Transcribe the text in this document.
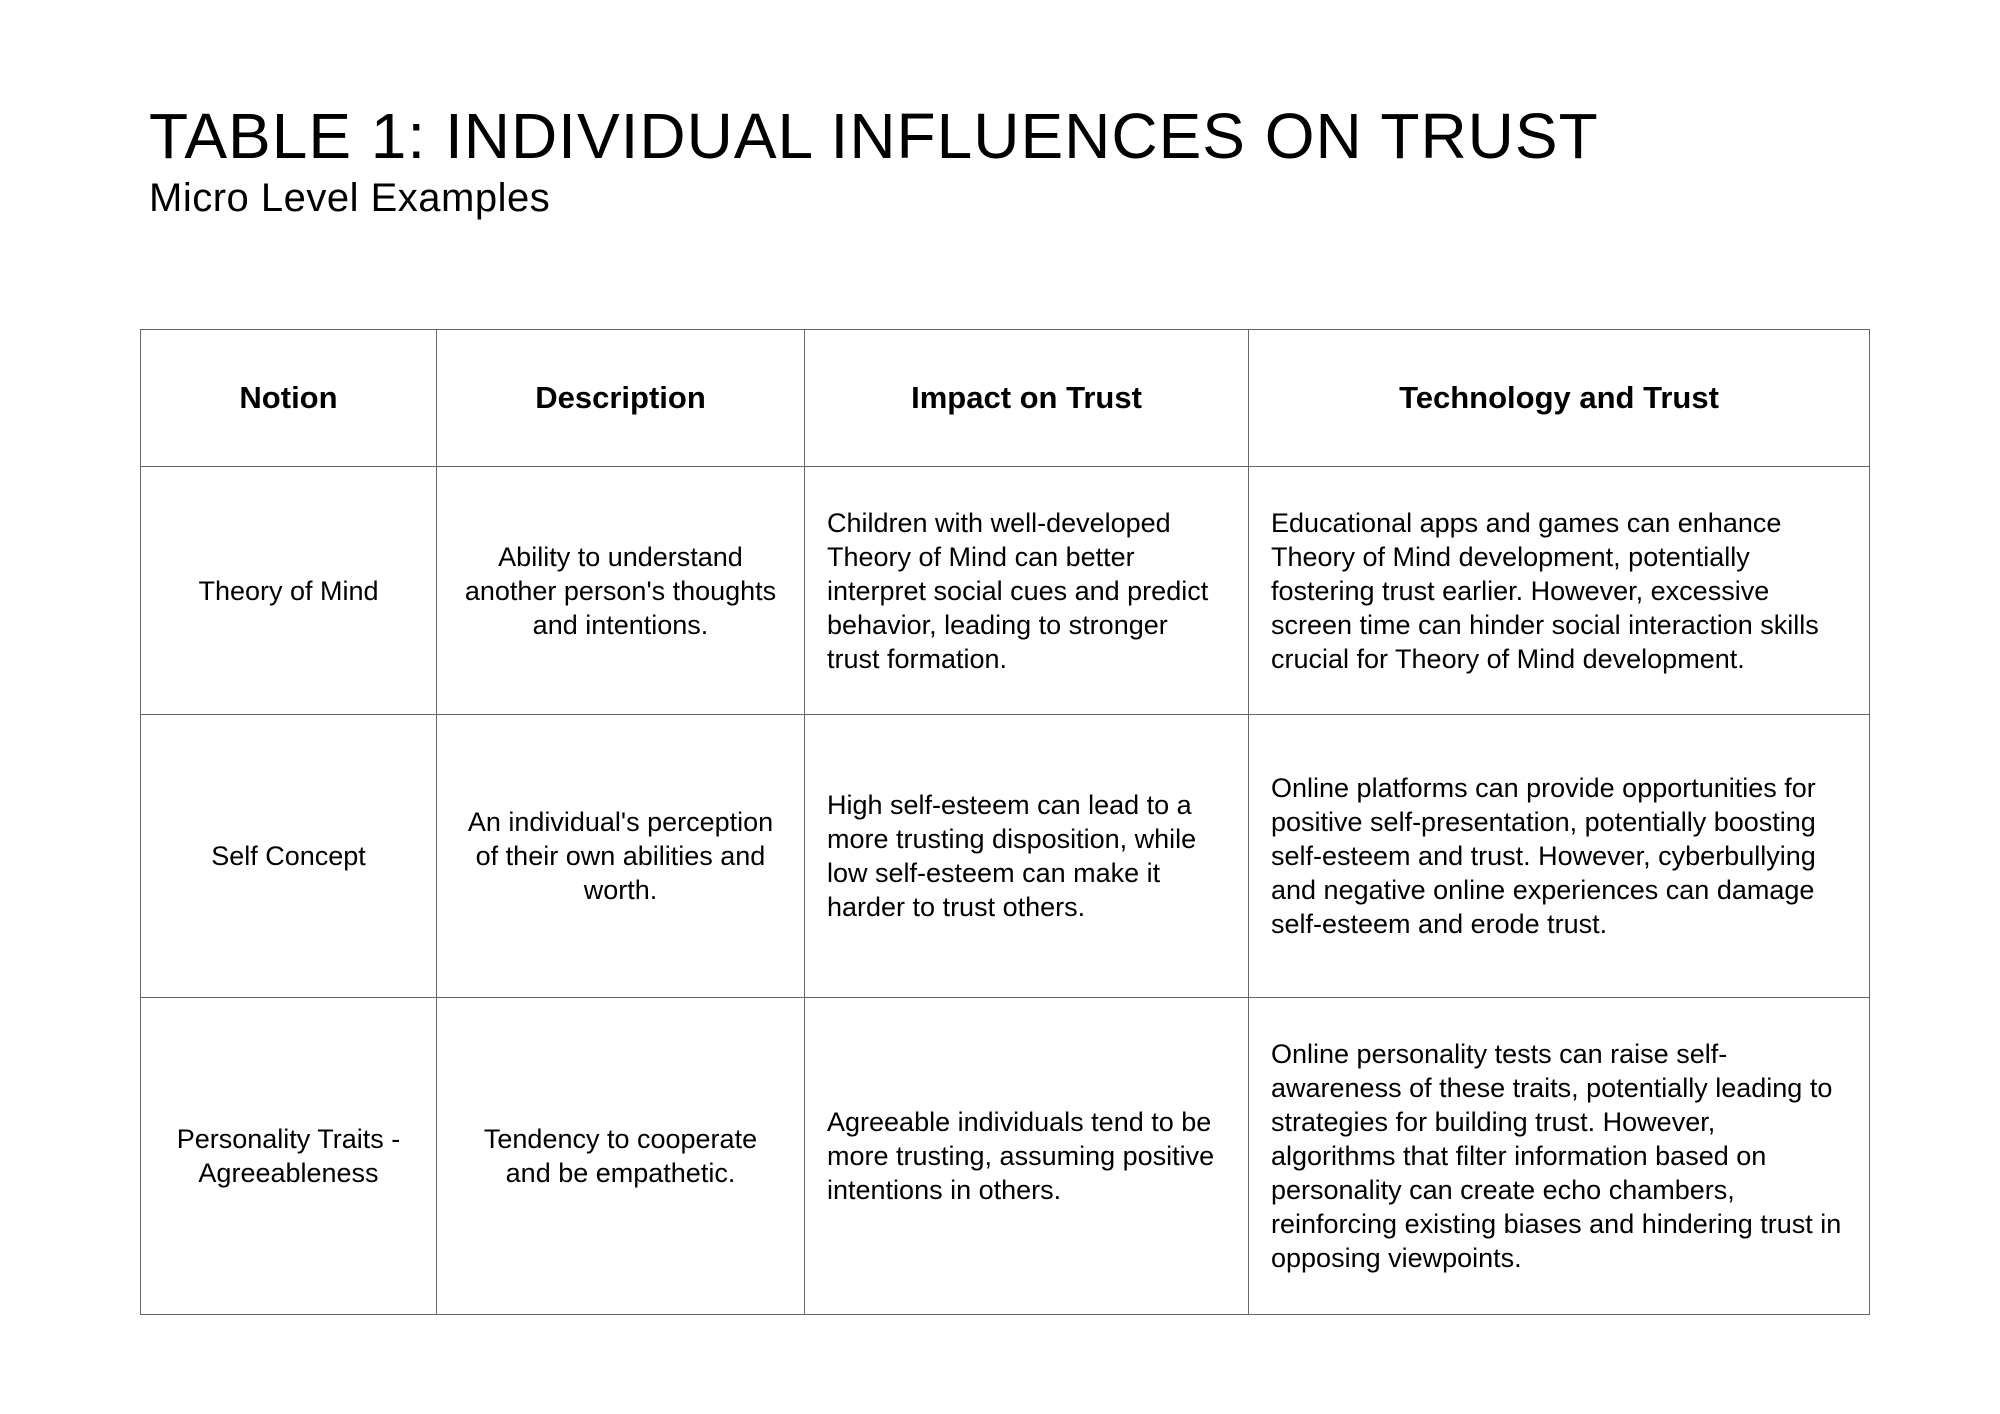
TABLE 1: INDIVIDUAL INFLUENCES ON TRUST
Micro Level Examples
Notion	Description	Impact on Trust	Technology and Trust
Theory of Mind	Ability to understand another person's thoughts and intentions.	Children with well-developed Theory of Mind can better interpret social cues and predict behavior, leading to stronger trust formation.	Educational apps and games can enhance Theory of Mind development, potentially fostering trust earlier. However, excessive screen time can hinder social interaction skills crucial for Theory of Mind development.
Self Concept	An individual's perception of their own abilities and worth.	High self-esteem can lead to a more trusting disposition, while low self-esteem can make it harder to trust others.	Online platforms can provide opportunities for positive self-presentation, potentially boosting self-esteem and trust. However, cyberbullying and negative online experiences can damage self-esteem and erode trust.
Personality Traits - Agreeableness	Tendency to cooperate and be empathetic.	Agreeable individuals tend to be more trusting, assuming positive intentions in others.	Online personality tests can raise self-awareness of these traits, potentially leading to strategies for building trust. However, algorithms that filter information based on personality can create echo chambers, reinforcing existing biases and hindering trust in opposing viewpoints.
